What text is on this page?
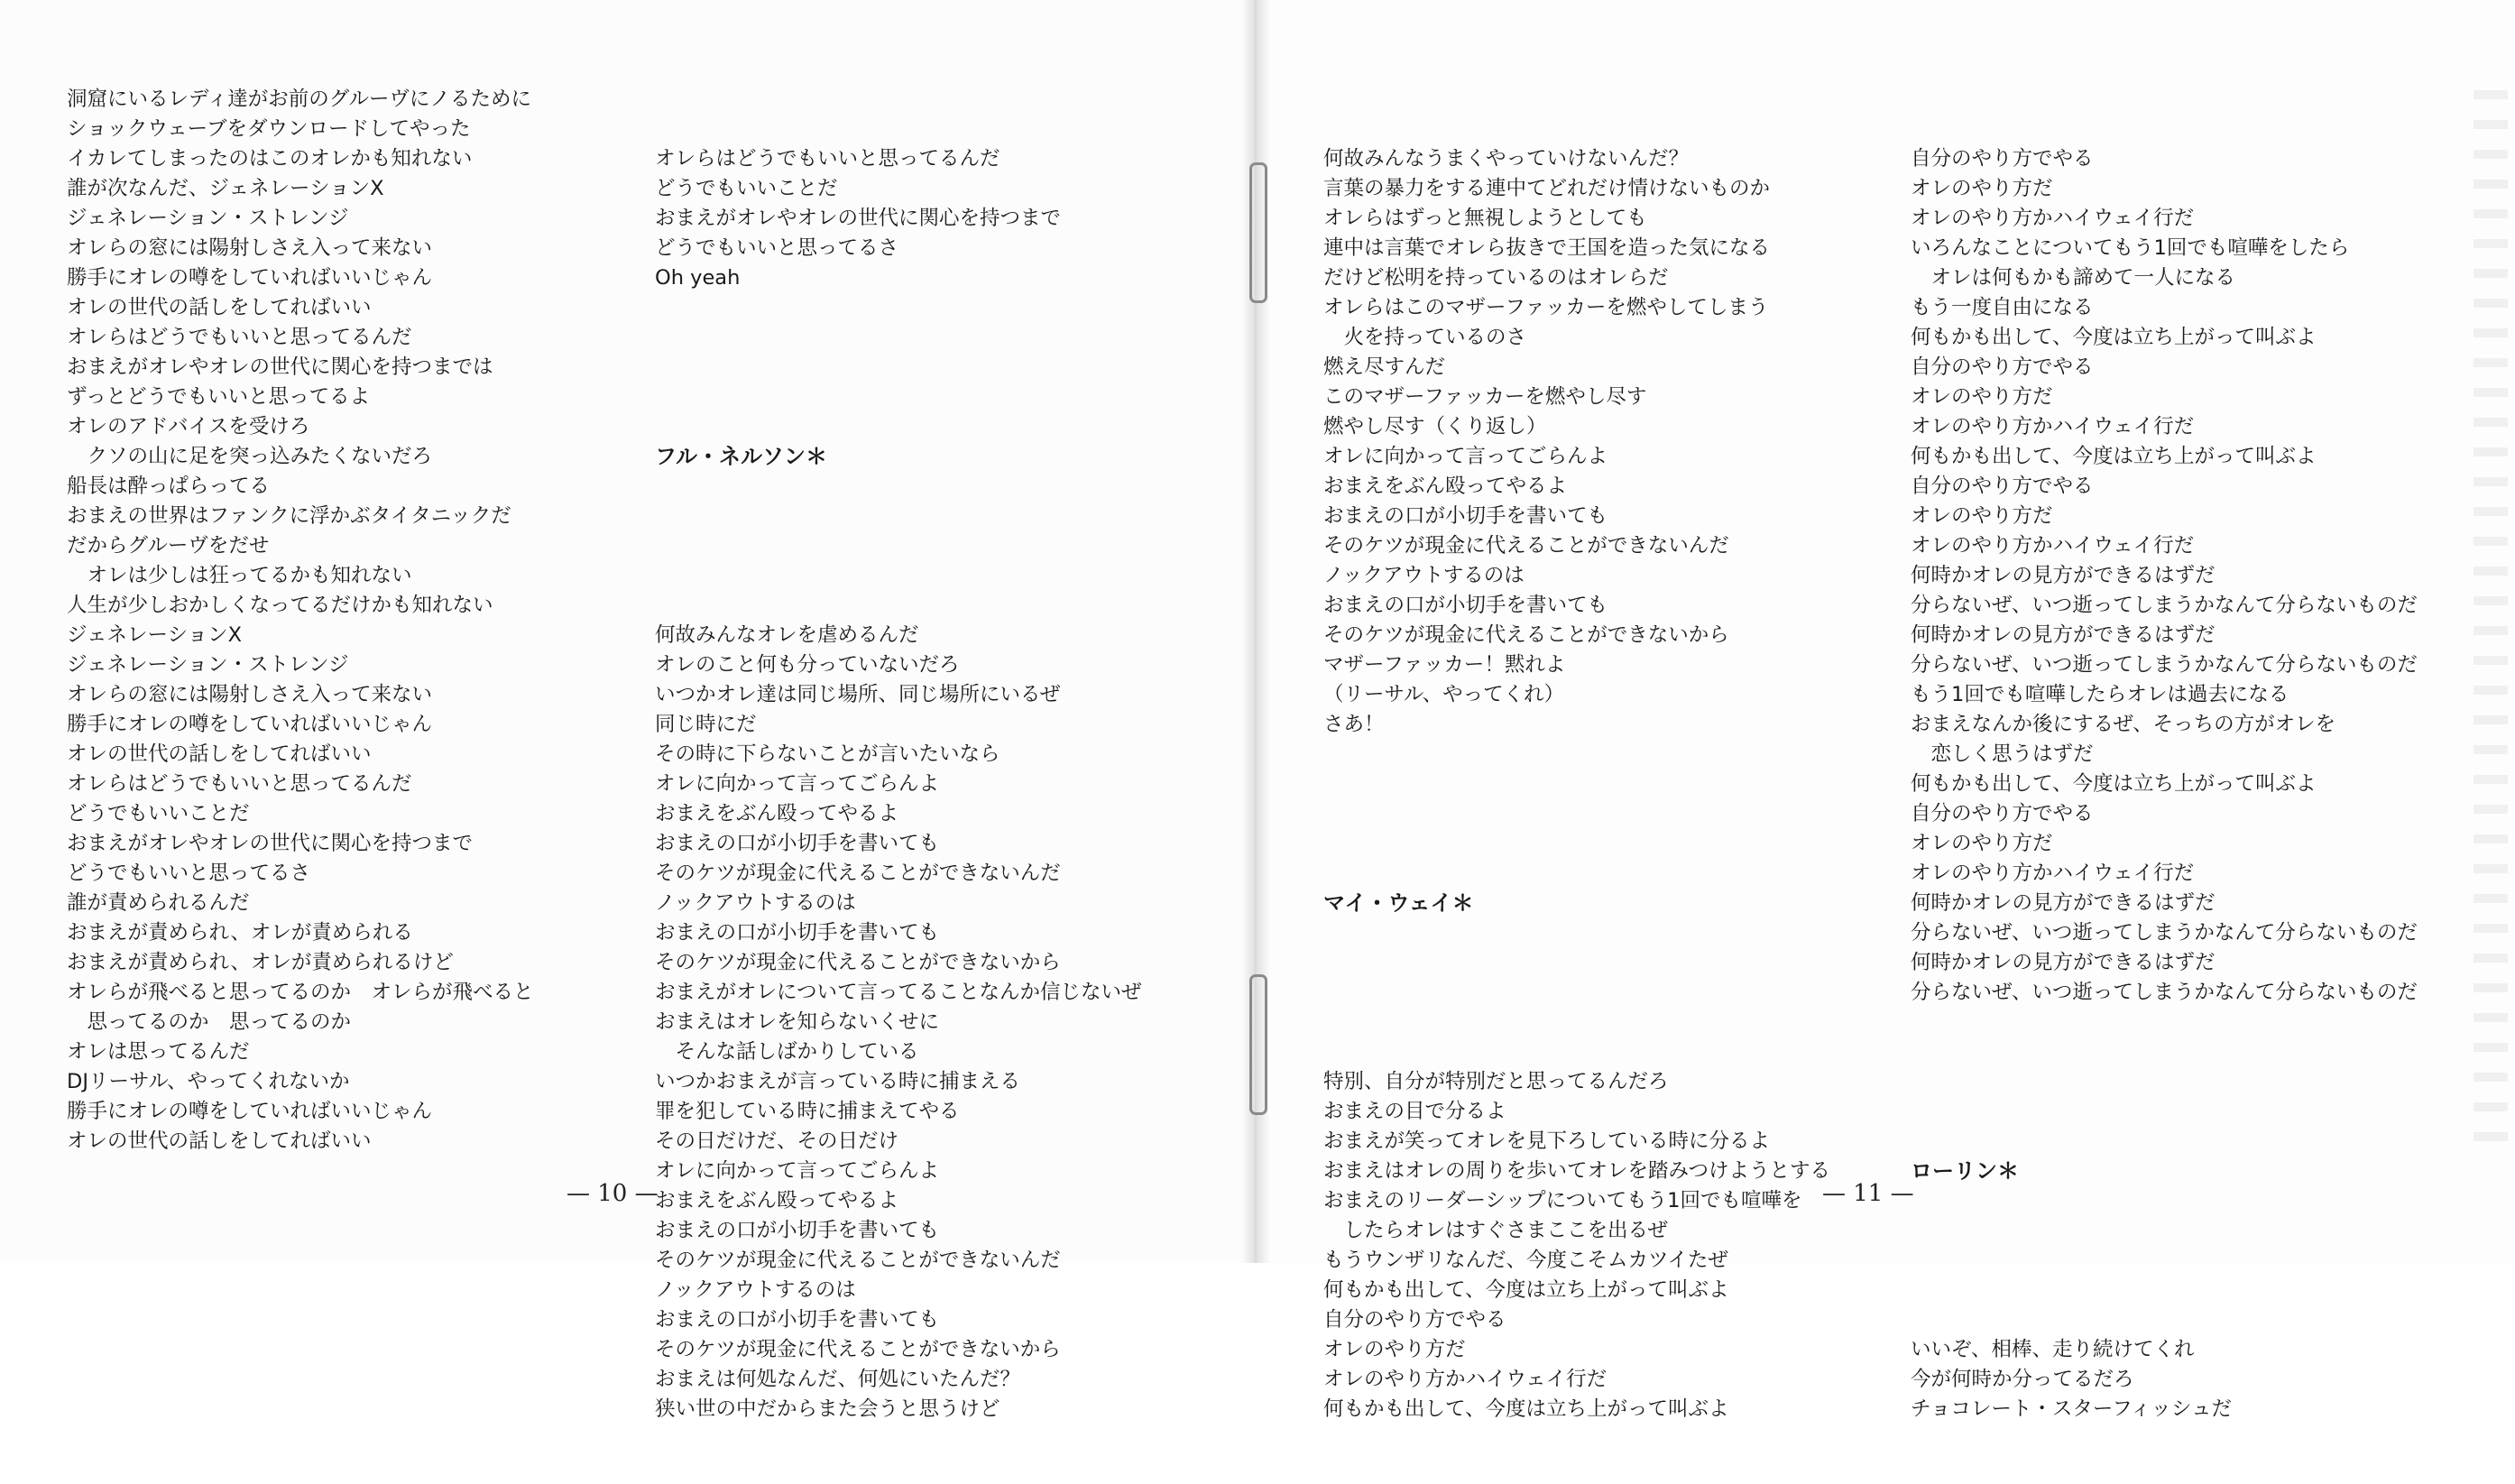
洞窟にいるレディ達がお前のグルーヴにノるために
ショックウェーブをダウンロードしてやった
イカレてしまったのはこのオレかも知れない
誰が次なんだ、ジェネレーションX
ジェネレーション・ストレンジ
オレらの窓には陽射しさえ入って来ない
勝手にオレの噂をしていればいいじゃん
オレの世代の話しをしてればいい
オレらはどうでもいいと思ってるんだ
おまえがオレやオレの世代に関心を持つまでは
ずっとどうでもいいと思ってるよ
オレのアドバイスを受けろ
　クソの山に足を突っ込みたくないだろ
船長は酔っぱらってる
おまえの世界はファンクに浮かぶタイタニックだ
だからグルーヴをだせ
　オレは少しは狂ってるかも知れない
人生が少しおかしくなってるだけかも知れない
ジェネレーションX
ジェネレーション・ストレンジ
オレらの窓には陽射しさえ入って来ない
勝手にオレの噂をしていればいいじゃん
オレの世代の話しをしてればいい
オレらはどうでもいいと思ってるんだ
どうでもいいことだ
おまえがオレやオレの世代に関心を持つまで
どうでもいいと思ってるさ
誰が責められるんだ
おまえが責められ、オレが責められる
おまえが責められ、オレが責められるけど
オレらが飛べると思ってるのか　オレらが飛べると
　思ってるのか　思ってるのか
オレは思ってるんだ
DJリーサル、やってくれないか
勝手にオレの噂をしていればいいじゃん
オレの世代の話しをしてればいい

オレらはどうでもいいと思ってるんだ
どうでもいいことだ
おまえがオレやオレの世代に関心を持つまで
どうでもいいと思ってるさ
Oh yeah

フル・ネルソン＊

何故みんなオレを虐めるんだ
オレのこと何も分っていないだろ
いつかオレ達は同じ場所、同じ場所にいるぜ
同じ時にだ
その時に下らないことが言いたいなら
オレに向かって言ってごらんよ
おまえをぶん殴ってやるよ
おまえの口が小切手を書いても
そのケツが現金に代えることができないんだ
ノックアウトするのは
おまえの口が小切手を書いても
そのケツが現金に代えることができないから
おまえがオレについて言ってることなんか信じないぜ
おまえはオレを知らないくせに
　そんな話しばかりしている
いつかおまえが言っている時に捕まえる
罪を犯している時に捕まえてやる
その日だけだ、その日だけ
オレに向かって言ってごらんよ
おまえをぶん殴ってやるよ
おまえの口が小切手を書いても
そのケツが現金に代えることができないんだ
ノックアウトするのは
おまえの口が小切手を書いても
そのケツが現金に代えることができないから
おまえは何処なんだ、何処にいたんだ？
狭い世の中だからまた会うと思うけど

— 10 —

何故みんなうまくやっていけないんだ？
言葉の暴力をする連中てどれだけ情けないものか
オレらはずっと無視しようとしても
連中は言葉でオレら抜きで王国を造った気になる
だけど松明を持っているのはオレらだ
オレらはこのマザーファッカーを燃やしてしまう
　火を持っているのさ
燃え尽すんだ
このマザーファッカーを燃やし尽す
燃やし尽す（くり返し）
オレに向かって言ってごらんよ
おまえをぶん殴ってやるよ
おまえの口が小切手を書いても
そのケツが現金に代えることができないんだ
ノックアウトするのは
おまえの口が小切手を書いても
そのケツが現金に代えることができないから
マザーファッカー！黙れよ
（リーサル、やってくれ）
さあ！

マイ・ウェイ＊

特別、自分が特別だと思ってるんだろ
おまえの目で分るよ
おまえが笑ってオレを見下ろしている時に分るよ
おまえはオレの周りを歩いてオレを踏みつけようとする
おまえのリーダーシップについてもう1回でも喧嘩を
　したらオレはすぐさまここを出るぜ
もうウンザリなんだ、今度こそムカツイたぜ
何もかも出して、今度は立ち上がって叫ぶよ
自分のやり方でやる
オレのやり方だ
オレのやり方かハイウェイ行だ
何もかも出して、今度は立ち上がって叫ぶよ

自分のやり方でやる
オレのやり方だ
オレのやり方かハイウェイ行だ
いろんなことについてもう1回でも喧嘩をしたら
　オレは何もかも諦めて一人になる
もう一度自由になる
何もかも出して、今度は立ち上がって叫ぶよ
自分のやり方でやる
オレのやり方だ
オレのやり方かハイウェイ行だ
何もかも出して、今度は立ち上がって叫ぶよ
自分のやり方でやる
オレのやり方だ
オレのやり方かハイウェイ行だ
何時かオレの見方ができるはずだ
分らないぜ、いつ逝ってしまうかなんて分らないものだ
何時かオレの見方ができるはずだ
分らないぜ、いつ逝ってしまうかなんて分らないものだ
もう1回でも喧嘩したらオレは過去になる
おまえなんか後にするぜ、そっちの方がオレを
　恋しく思うはずだ
何もかも出して、今度は立ち上がって叫ぶよ
自分のやり方でやる
オレのやり方だ
オレのやり方かハイウェイ行だ
何時かオレの見方ができるはずだ
分らないぜ、いつ逝ってしまうかなんて分らないものだ
何時かオレの見方ができるはずだ
分らないぜ、いつ逝ってしまうかなんて分らないものだ

ローリン＊

いいぞ、相棒、走り続けてくれ
今が何時か分ってるだろ
チョコレート・スターフィッシュだ

— 11 —
